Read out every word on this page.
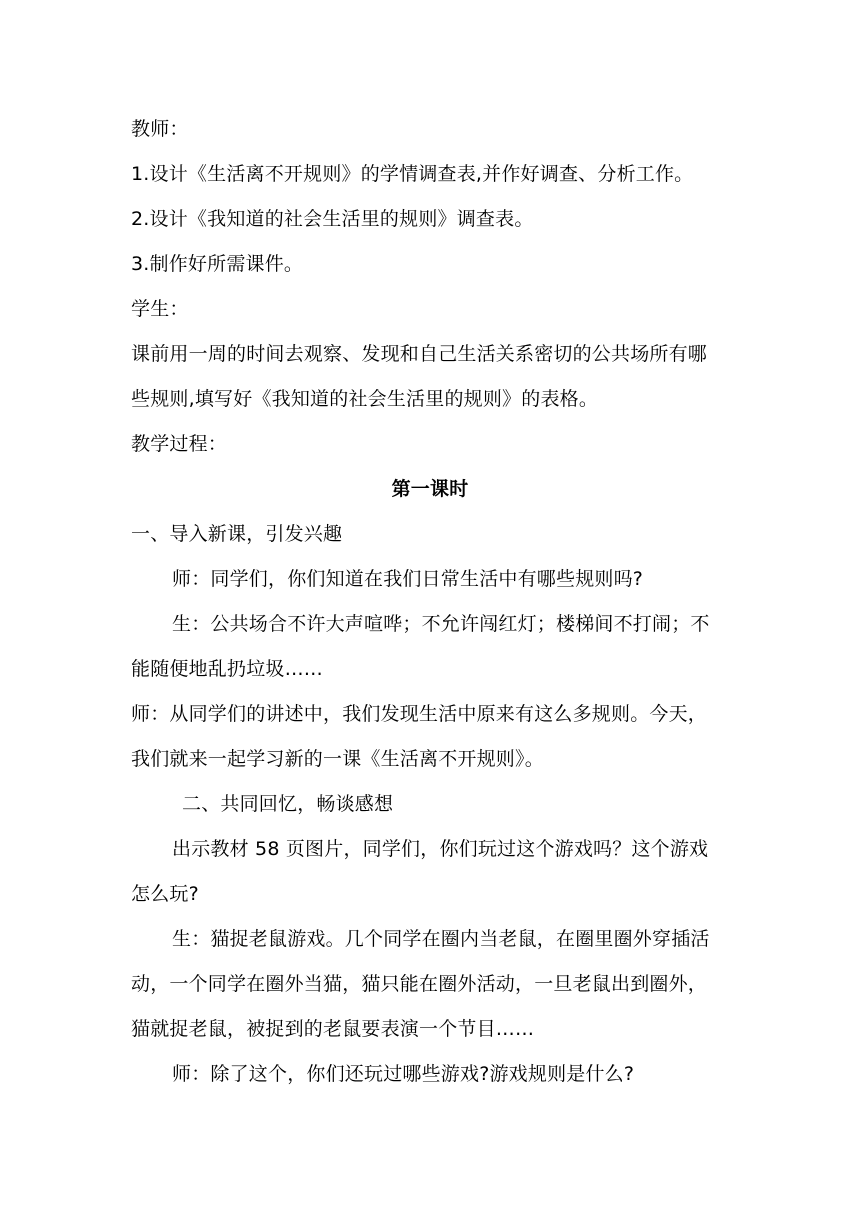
教师：
1.设计《生活离不开规则》的学情调查表,并作好调查、分析工作。
2.设计《我知道的社会生活里的规则》调查表。
3.制作好所需课件。
学生：
课前用一周的时间去观察、发现和自己生活关系密切的公共场所有哪
些规则,填写好《我知道的社会生活里的规则》的表格。
教学过程：
第一课时
一、导入新课，引发兴趣
师：同学们，你们知道在我们日常生活中有哪些规则吗?
生：公共场合不许大声喧哗；不允许闯红灯；楼梯间不打闹；不
能随便地乱扔垃圾……
师：从同学们的讲述中，我们发现生活中原来有这么多规则。今天，
我们就来一起学习新的一课《生活离不开规则》。
二、共同回忆，畅谈感想
出示教材 58 页图片，同学们，你们玩过这个游戏吗？这个游戏
怎么玩?
生：猫捉老鼠游戏。几个同学在圈内当老鼠，在圈里圈外穿插活
动，一个同学在圈外当猫，猫只能在圈外活动，一旦老鼠出到圈外，
猫就捉老鼠，被捉到的老鼠要表演一个节目……
师：除了这个，你们还玩过哪些游戏?游戏规则是什么?
